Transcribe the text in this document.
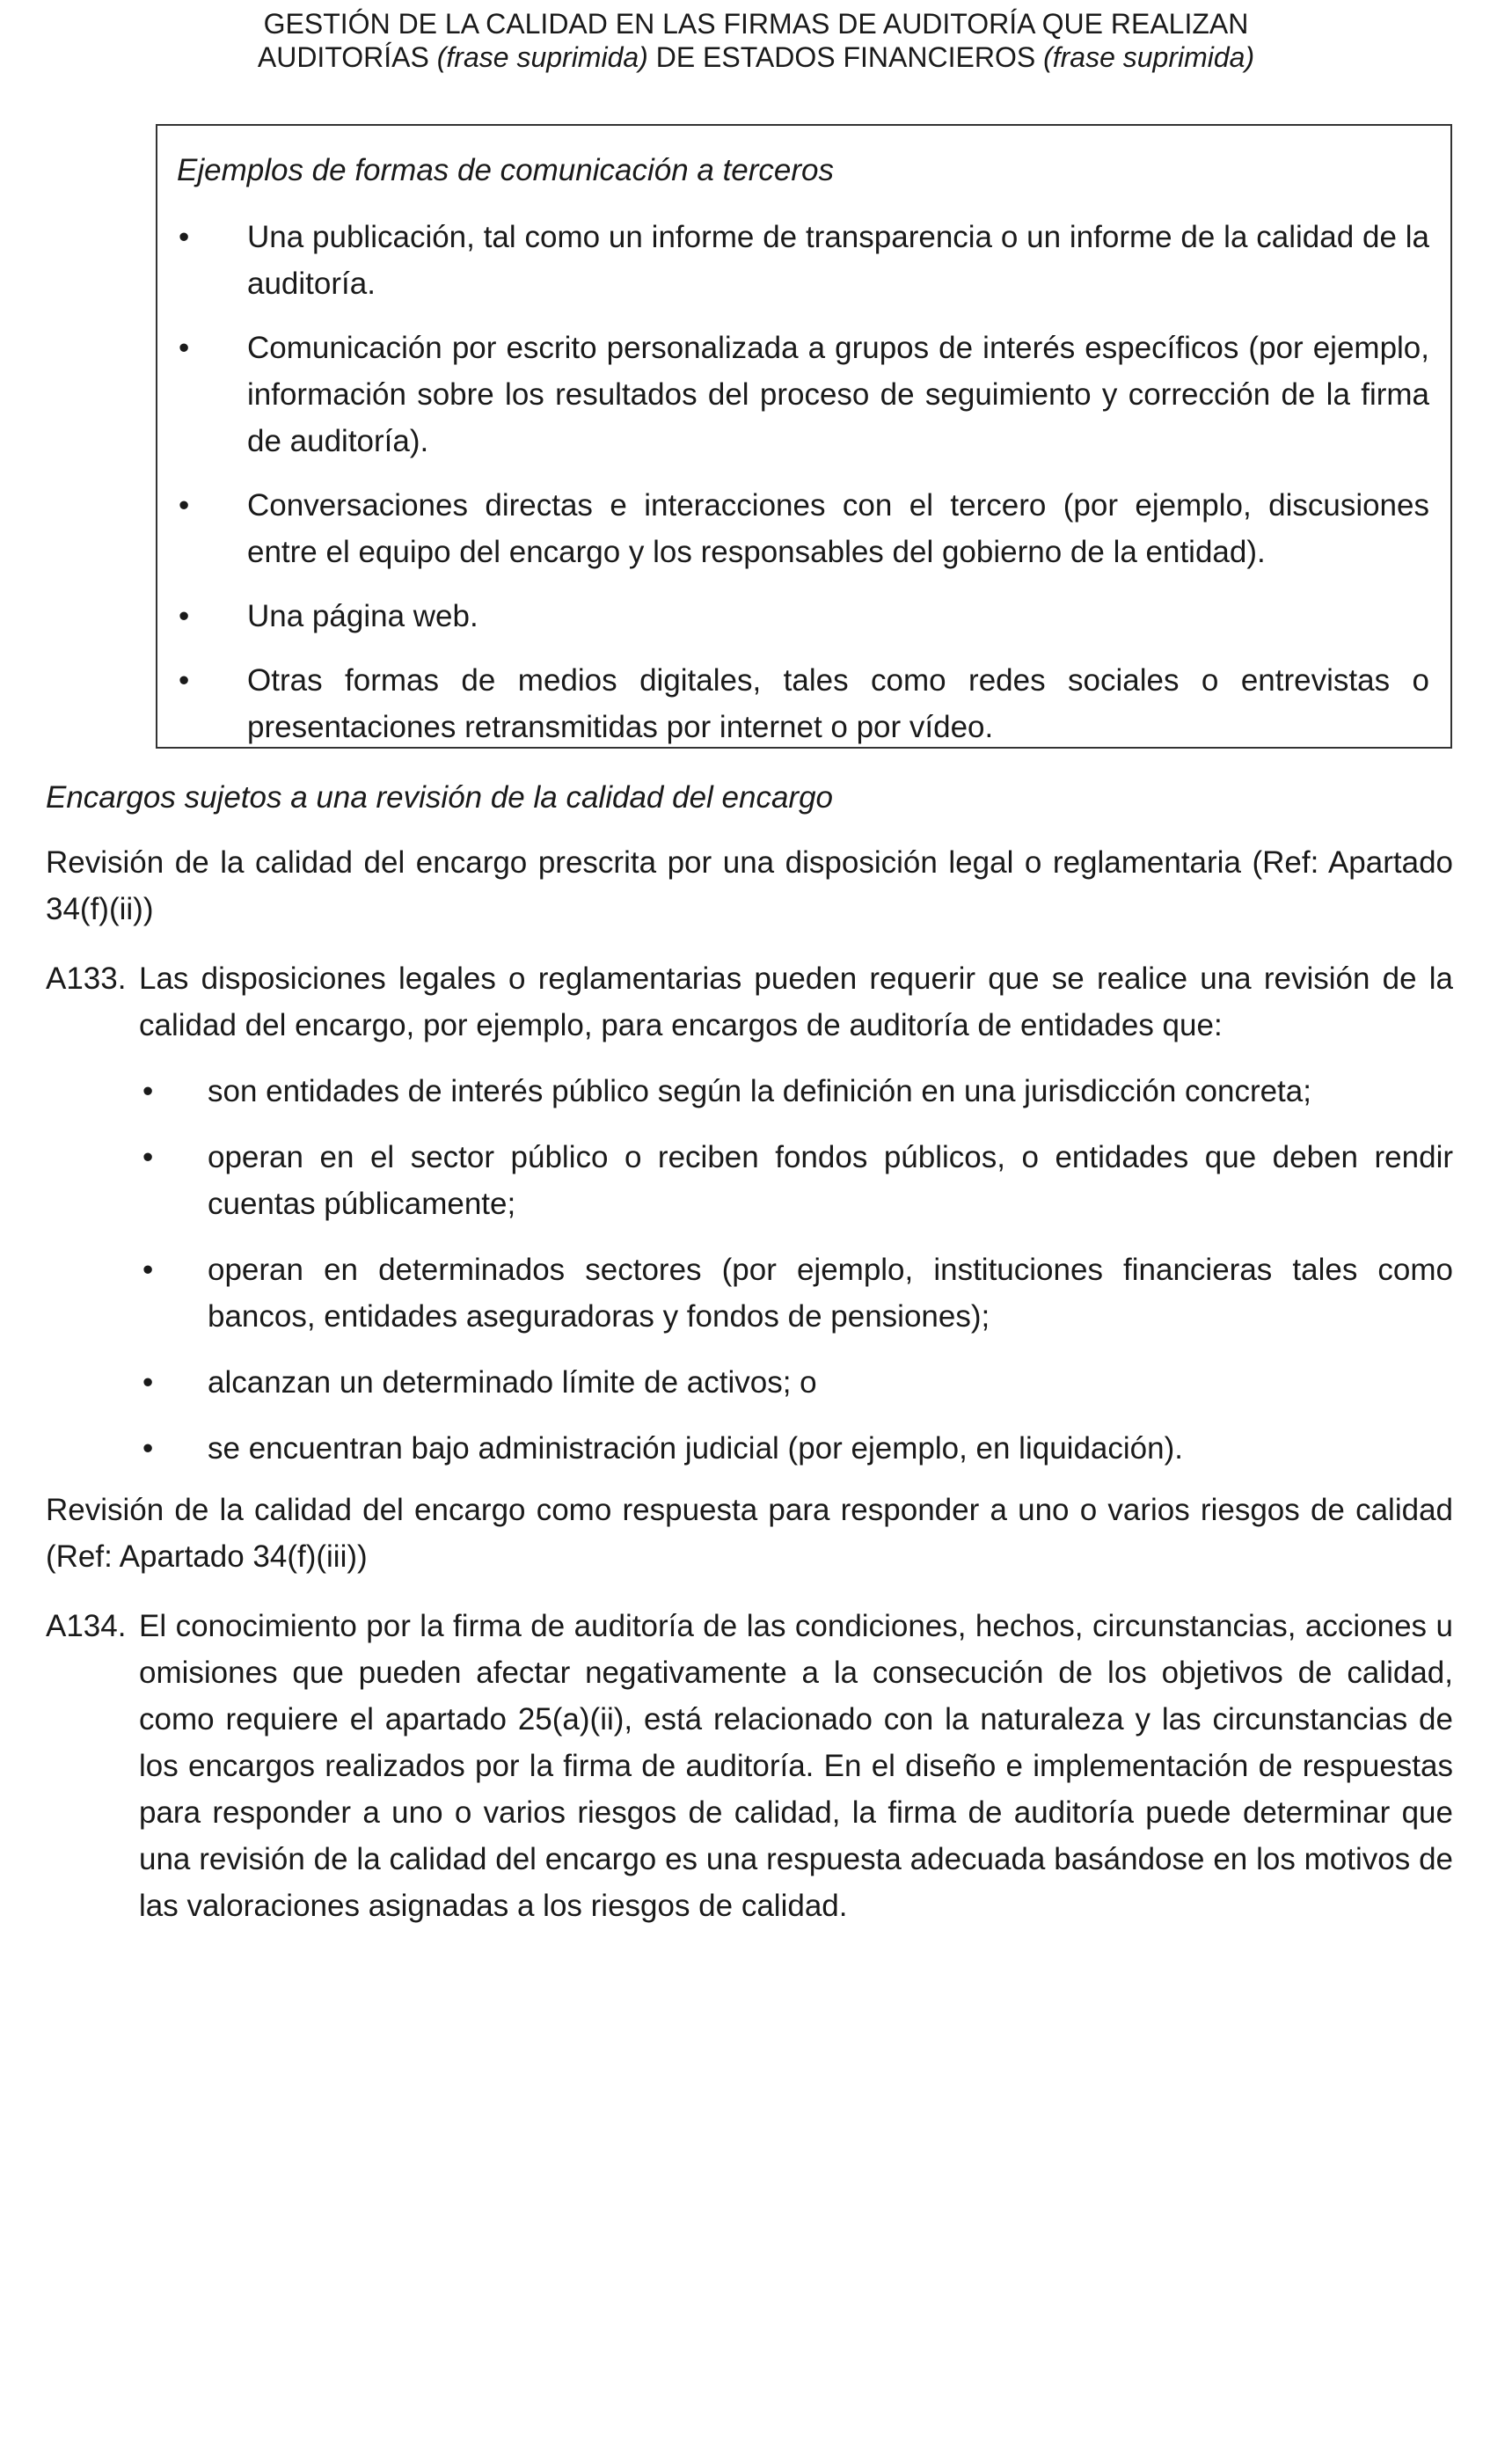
GESTIÓN DE LA CALIDAD EN LAS FIRMAS DE AUDITORÍA QUE REALIZAN
AUDITORÍAS (frase suprimida) DE ESTADOS FINANCIEROS (frase suprimida)
Ejemplos de formas de comunicación a terceros
• Una publicación, tal como un informe de transparencia o un informe de la calidad de la auditoría.
• Comunicación por escrito personalizada a grupos de interés específicos (por ejemplo, información sobre los resultados del proceso de seguimiento y corrección de la firma de auditoría).
• Conversaciones directas e interacciones con el tercero (por ejemplo, discusiones entre el equipo del encargo y los responsables del gobierno de la entidad).
• Una página web.
• Otras formas de medios digitales, tales como redes sociales o entrevistas o presentaciones retransmitidas por internet o por vídeo.

Encargos sujetos a una revisión de la calidad del encargo

Revisión de la calidad del encargo prescrita por una disposición legal o reglamentaria (Ref: Apartado 34(f)(ii))

A133. Las disposiciones legales o reglamentarias pueden requerir que se realice una revisión de la calidad del encargo, por ejemplo, para encargos de auditoría de entidades que:

• son entidades de interés público según la definición en una jurisdicción concreta;
• operan en el sector público o reciben fondos públicos, o entidades que deben rendir cuentas públicamente;
• operan en determinados sectores (por ejemplo, instituciones financieras tales como bancos, entidades aseguradoras y fondos de pensiones);
• alcanzan un determinado límite de activos; o
• se encuentran bajo administración judicial (por ejemplo, en liquidación).

Revisión de la calidad del encargo como respuesta para responder a uno o varios riesgos de calidad (Ref: Apartado 34(f)(iii))

A134. El conocimiento por la firma de auditoría de las condiciones, hechos, circunstancias, acciones u omisiones que pueden afectar negativamente a la consecución de los objetivos de calidad, como requiere el apartado 25(a)(ii), está relacionado con la naturaleza y las circunstancias de los encargos realizados por la firma de auditoría. En el diseño e implementación de respuestas para responder a uno o varios riesgos de calidad, la firma de auditoría puede determinar que una revisión de la calidad del encargo es una respuesta adecuada basándose en los motivos de las valoraciones asignadas a los riesgos de calidad.
